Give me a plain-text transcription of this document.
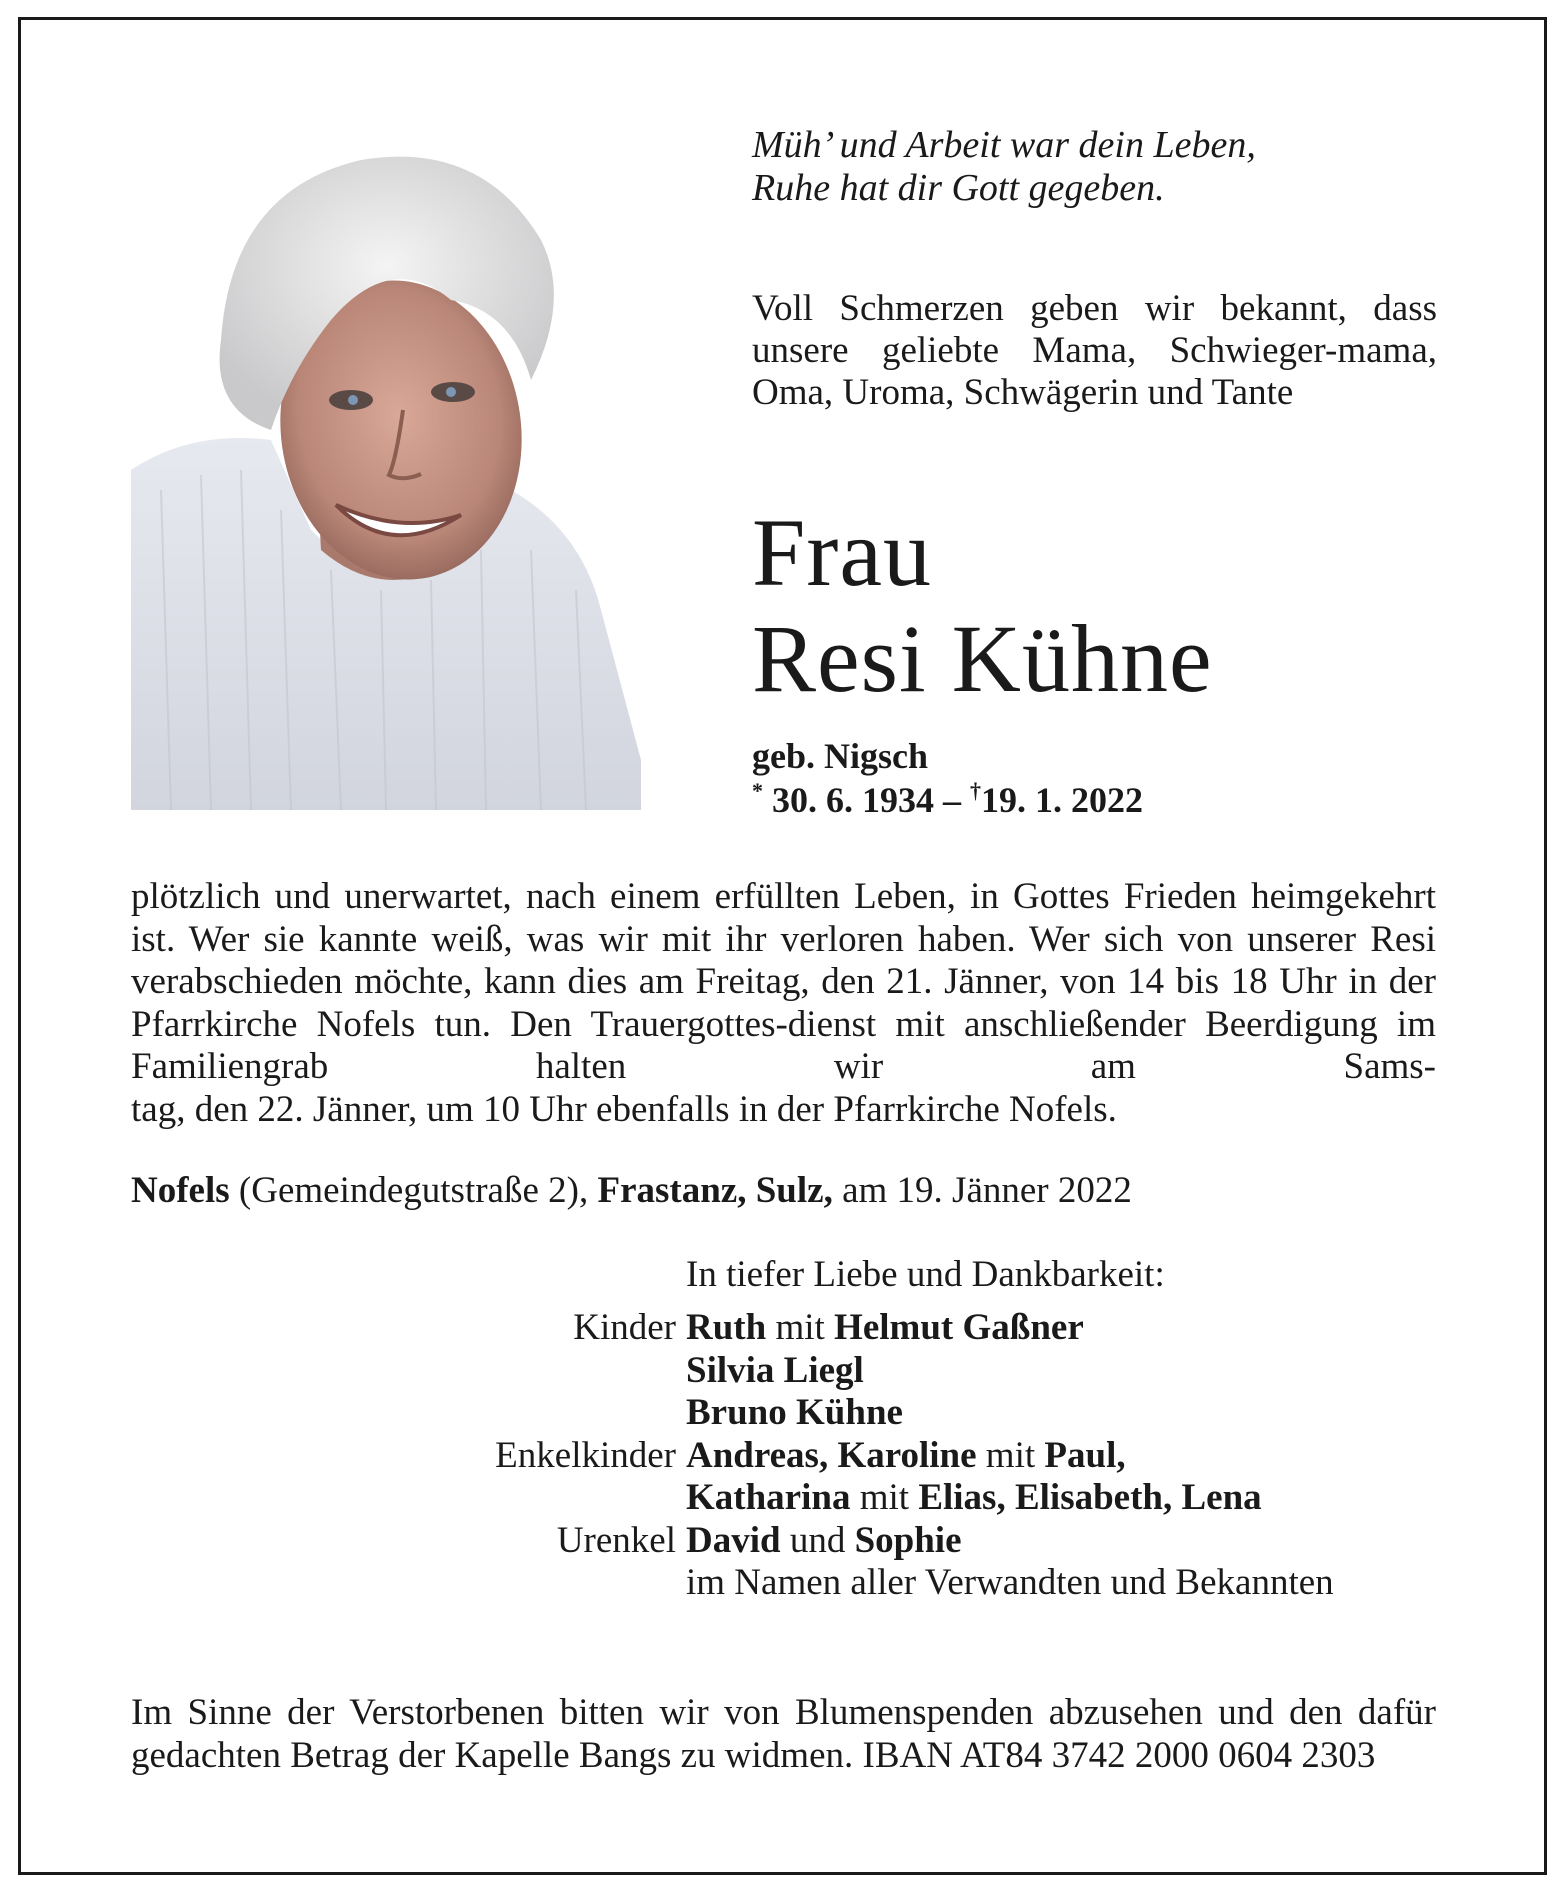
Müh’ und Arbeit war dein Leben,
Ruhe hat dir Gott gegeben.
Voll Schmerzen geben wir bekannt, dass unsere geliebte Mama, Schwieger-mama, Oma, Uroma, Schwägerin und Tante
Frau
Resi Kühne
geb. Nigsch
* 30. 6. 1934 – †19. 1. 2022
plötzlich und unerwartet, nach einem erfüllten Leben, in Gottes Frieden heimgekehrt ist. Wer sie kannte weiß, was wir mit ihr verloren haben. Wer sich von unserer Resi verabschieden möchte, kann dies am Freitag, den 21. Jänner, von 14 bis 18 Uhr in der Pfarrkirche Nofels tun. Den Trauergottes-dienst mit anschließender Beerdigung im Familiengrab halten wir am Sams-
tag, den 22. Jänner, um 10 Uhr ebenfalls in der Pfarrkirche Nofels.
Nofels (Gemeindegutstraße 2), Frastanz, Sulz, am 19. Jänner 2022
In tiefer Liebe und Dankbarkeit:
Kinder Ruth mit Helmut Gaßner
Silvia Liegl
Bruno Kühne
Enkelkinder Andreas, Karoline mit Paul,
Katharina mit Elias, Elisabeth, Lena
Urenkel David und Sophie
im Namen aller Verwandten und Bekannten
Im Sinne der Verstorbenen bitten wir von Blumenspenden abzusehen und den dafür gedachten Betrag der Kapelle Bangs zu widmen. IBAN AT84 3742 2000 0604 2303
